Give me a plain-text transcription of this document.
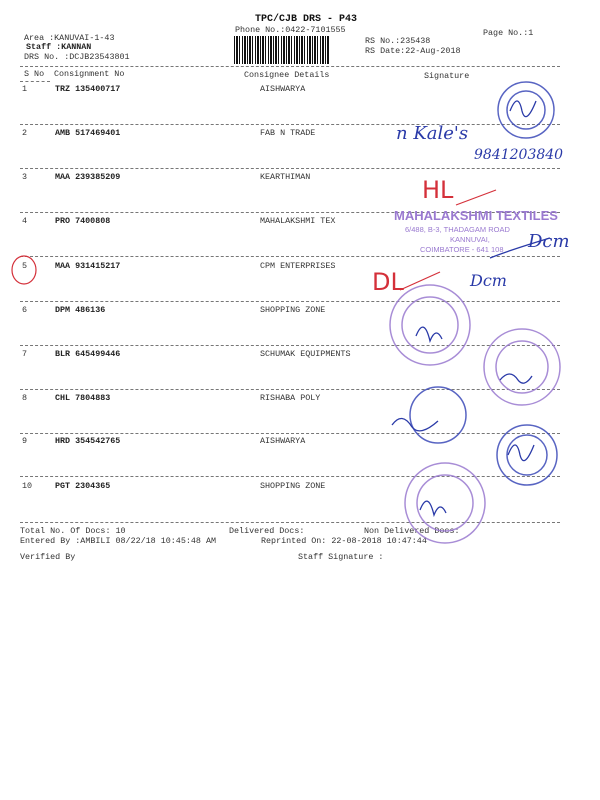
TPC/CJB DRS - P43
Phone No.:0422-7101555
Area :KANUVAI-1-43
Staff :KANNAN
DRS No. :DCJB23543801
RS No.:235438
RS Date:22-Aug-2018
Page No.:1
S No Consignment No	Consignee Details	Signature
1	TRZ 135400717	AISHWARYA
2	AMB 517469401	FAB N TRADE
3	MAA 239385209	KEARTHIMAN
4	PRO 7400808	MAHALAKSHMI TEX
5	MAA 931415217	CPM ENTERPRISES
6	DPM 486136	SHOPPING ZONE
7	BLR 645499446	SCHUMAK EQUIPMENTS
8	CHL 7804883	RISHABA POLY
9	HRD 354542765	AISHWARYA
10	PGT 2304365	SHOPPING ZONE
Total No. Of Docs: 10	Delivered Docs:	Non Delivered Docs:
Entered By :AMBILI 08/22/18 10:45:48 AM	Reprinted On: 22-08-2018 10:47:44
Verified By	Staff Signature :
n Kale's
9841203840
HL
DL
MAHALAKSHMI TEXTILES
6/488, B-3, THADAGAM ROAD
KANNUVAI,
COIMBATORE - 641 108 Dcm
Dcm
